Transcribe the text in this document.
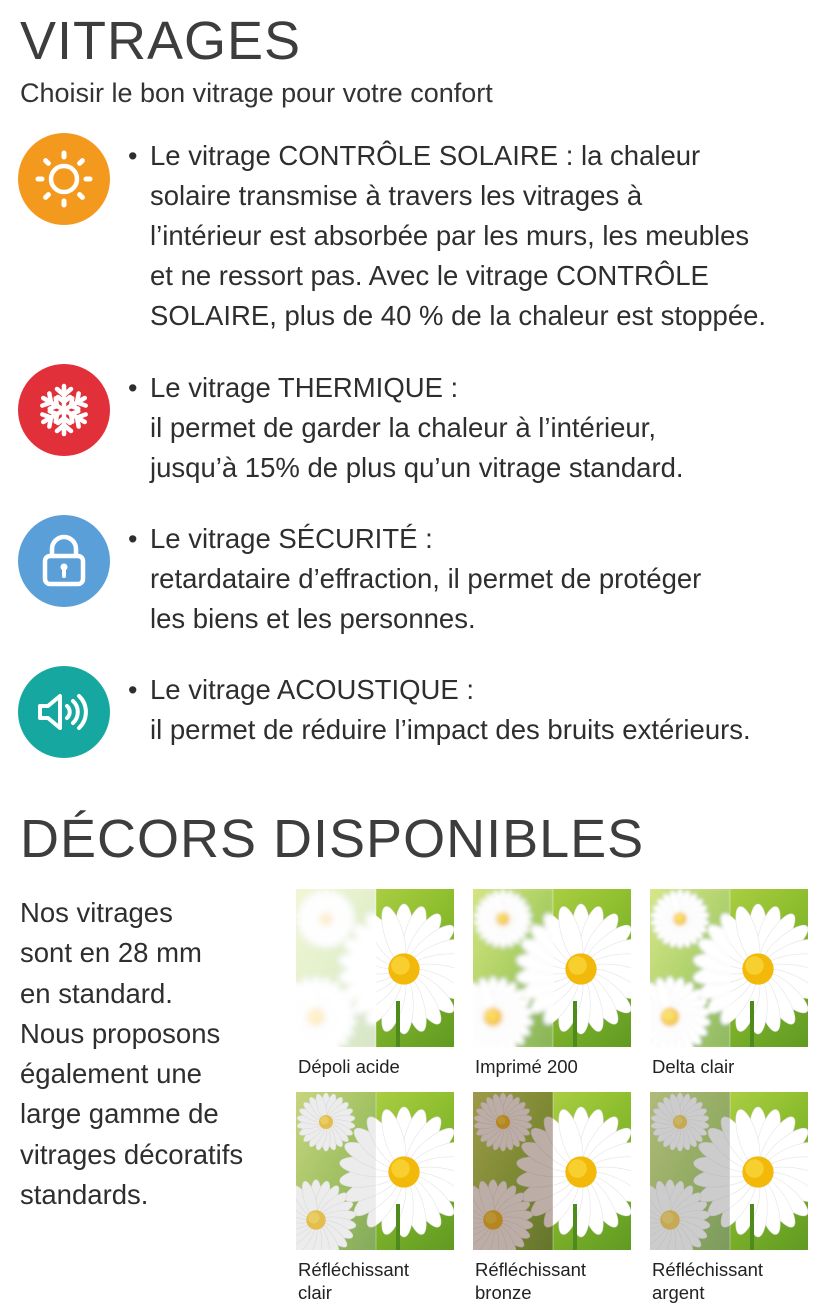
VITRAGES
Choisir le bon vitrage pour votre confort

• Le vitrage CONTRÔLE SOLAIRE : la chaleur

solaire transmise à travers les vitrages à

l’intérieur est absorbée par les murs, les meubles

et ne ressort pas. Avec le vitrage CONTRÔLE

SOLAIRE, plus de 40 % de la chaleur est stoppée.

• Le vitrage THERMIQUE :

il permet de garder la chaleur à l’intérieur,

jusqu’à 15% de plus qu’un vitrage standard.

• Le vitrage SÉCURITÉ :

retardataire d’effraction, il permet de protéger

les biens et les personnes.

• Le vitrage ACOUSTIQUE :

il permet de réduire l’impact des bruits extérieurs.

DÉCORS DISPONIBLES
Nos vitrages
sont en 28 mm
en standard.
Nous proposons
également une
large gamme de
vitrages décoratifs
standards.
Dépoli acide	Imprimé 200	Delta clair
Réfléchissant
clair
Réfléchissant
bronze
Réfléchissant
argent
